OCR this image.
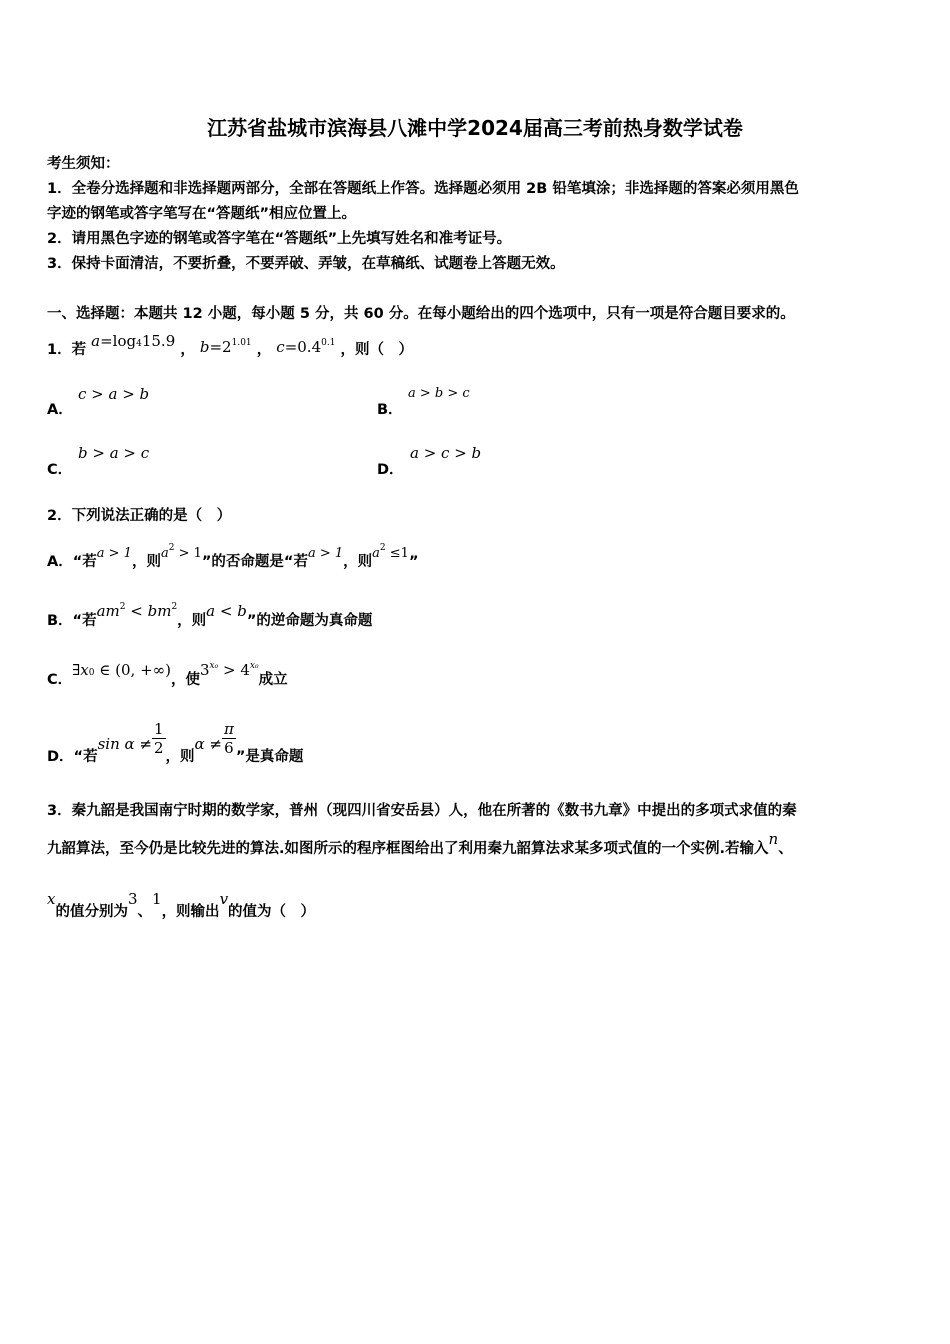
江苏省盐城市滨海县八滩中学2024届高三考前热身数学试卷
考生须知：
1．全卷分选择题和非选择题两部分，全部在答题纸上作答。选择题必须用 2B 铅笔填涂；非选择题的答案必须用黑色
字迹的钢笔或答字笔写在“答题纸”相应位置上。
2．请用黑色字迹的钢笔或答字笔在“答题纸”上先填写姓名和准考证号。
3．保持卡面清洁，不要折叠，不要弄破、弄皱，在草稿纸、试题卷上答题无效。
一、选择题：本题共 12 小题，每小题 5 分，共 60 分。在每小题给出的四个选项中，只有一项是符合题目要求的。
1．若 a=log415.9 ， $b=2^{1.01}$ ， $c=0.4^{0.1}$ ，则（　）
A．
c > a > b
B．
a > b > c
C．
b > a > c
D．
a > c > b
2．下列说法正确的是（　）
A．“若a > 1，则$a^2 > 1$”的否命题是“若a > 1，则$a^2 \le 1$”
B．“若$am^2 < bm^2$，则a < b”的逆命题为真命题
C．∃x0 ∈ (0, +∞)，使$3^{x_0} > 4^{x_0}$成立
D．“若$\sin \alpha \ne \frac{1}{2}$ ，则$\alpha \ne \frac{\pi}{6}$ ”是真命题
3．秦九韶是我国南宁时期的数学家，普州（现四川省安岳县）人，他在所著的《数书九章》中提出的多项式求值的秦
九韶算法，至今仍是比较先进的算法.如图所示的程序框图给出了利用秦九韶算法求某多项式值的一个实例.若输入n、
x的值分别为3、1，则输出v的值为（　）
